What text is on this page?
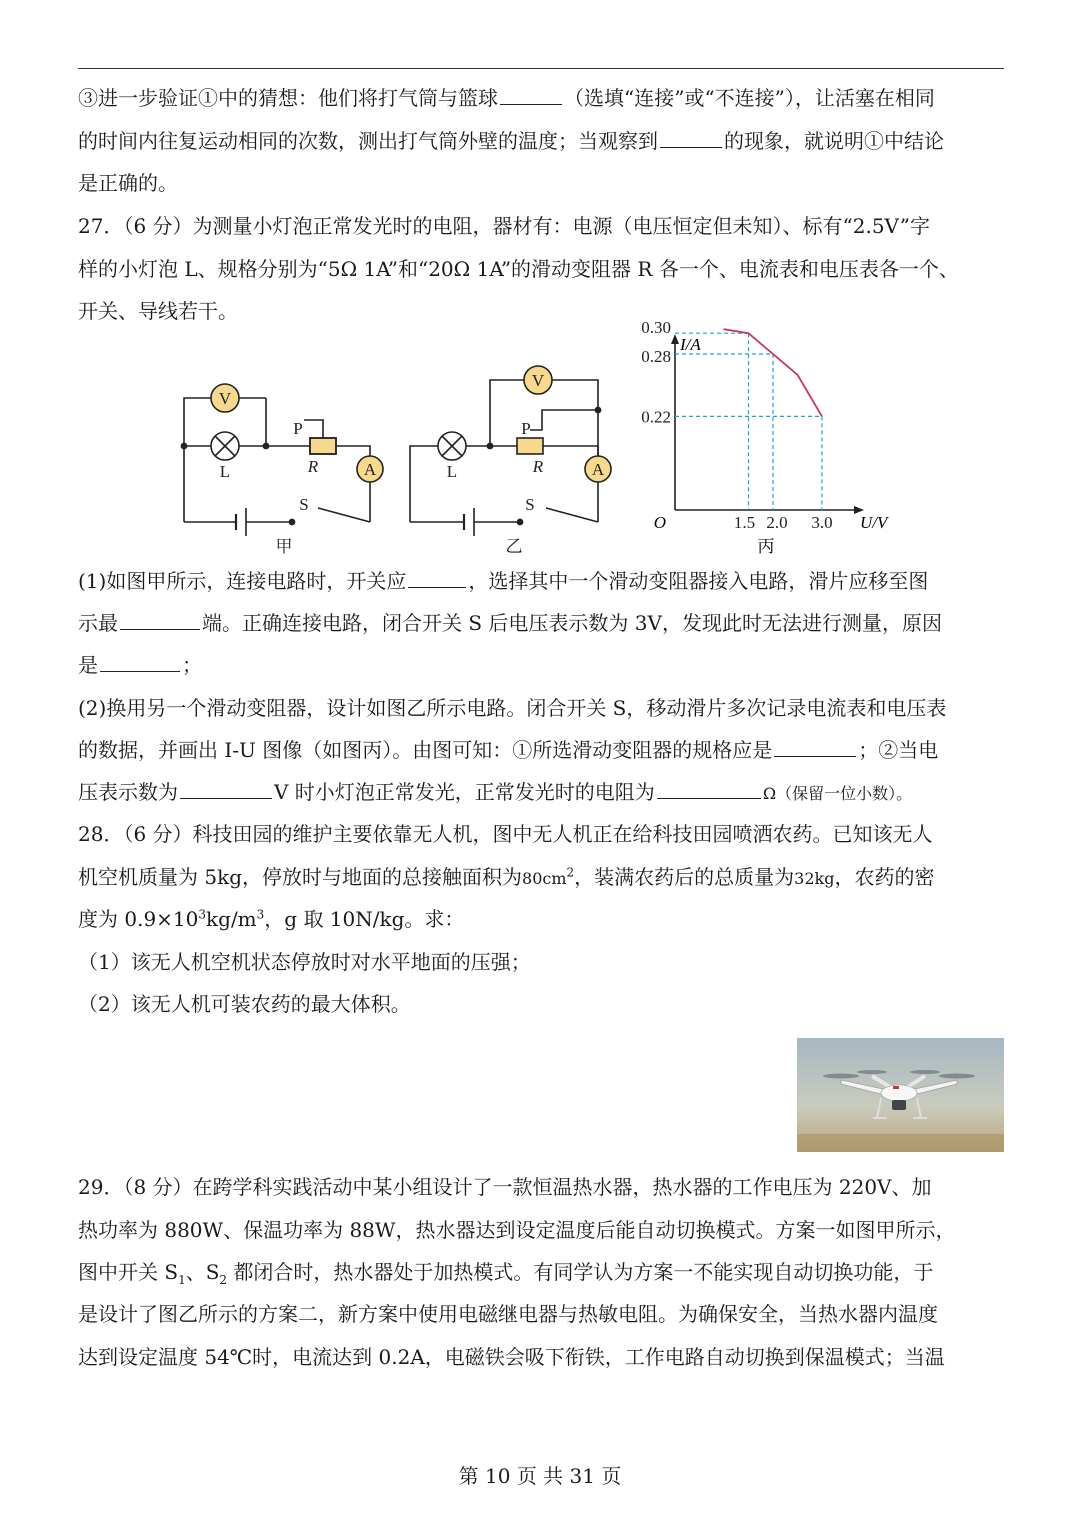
③进一步验证①中的猜想：他们将打气筒与篮球	（选填“连接”或“不连接”），让活塞在相同

的时间内往复运动相同的次数，测出打气筒外壁的温度；当观察到	的现象，就说明①中结论

是正确的。

27．（6 分）为测量小灯泡正常发光时的电阻，器材有：电源（电压恒定但未知）、标有“2.5V”字

样的小灯泡 L、规格分别为“5Ω 1A”和“20Ω 1A”的滑动变阻器 R 各一个、电流表和电压表各一个、

开关、导线若干。

V
A
L
P
R
S
甲
V
A
L
P
R
S
乙
0.30
0.28
0.22
1.5 2.0 3.0
I/A
U/V
O
丙

(1)如图甲所示，连接电路时，开关应	，选择其中一个滑动变阻器接入电路，滑片应移至图

示最	端。正确连接电路，闭合开关 S 后电压表示数为 3V，发现此时无法进行测量，原因

是	；

(2)换用另一个滑动变阻器，设计如图乙所示电路。闭合开关 S，移动滑片多次记录电流表和电压表

的数据，并画出 I-U 图像（如图丙）。由图可知：①所选滑动变阻器的规格应是	；②当电

压表示数为	V 时小灯泡正常发光，正常发光时的电阻为	Ω（保留一位小数）。

28．（6 分）科技田园的维护主要依靠无人机，图中无人机正在给科技田园喷洒农药。已知该无人

机空机质量为 5kg，停放时与地面的总接触面积为$80cm^2$，装满农药后的总质量为32kg，农药的密

度为 $0.9\times 10^3kg/m^3$，g 取 10N/kg。求：

（1）该无人机空机状态停放时对水平地面的压强；

（2）该无人机可装农药的最大体积。

29．（8 分）在跨学科实践活动中某小组设计了一款恒温热水器，热水器的工作电压为 220V、加

热功率为 880W、保温功率为 88W，热水器达到设定温度后能自动切换模式。方案一如图甲所示，

图中开关 $S_1$、$S_2$ 都闭合时，热水器处于加热模式。有同学认为方案一不能实现自动切换功能，于

是设计了图乙所示的方案二，新方案中使用电磁继电器与热敏电阻。为确保安全，当热水器内温度

达到设定温度 54℃时，电流达到 0.2A，电磁铁会吸下衔铁，工作电路自动切换到保温模式；当温

第 10 页 共 31 页
